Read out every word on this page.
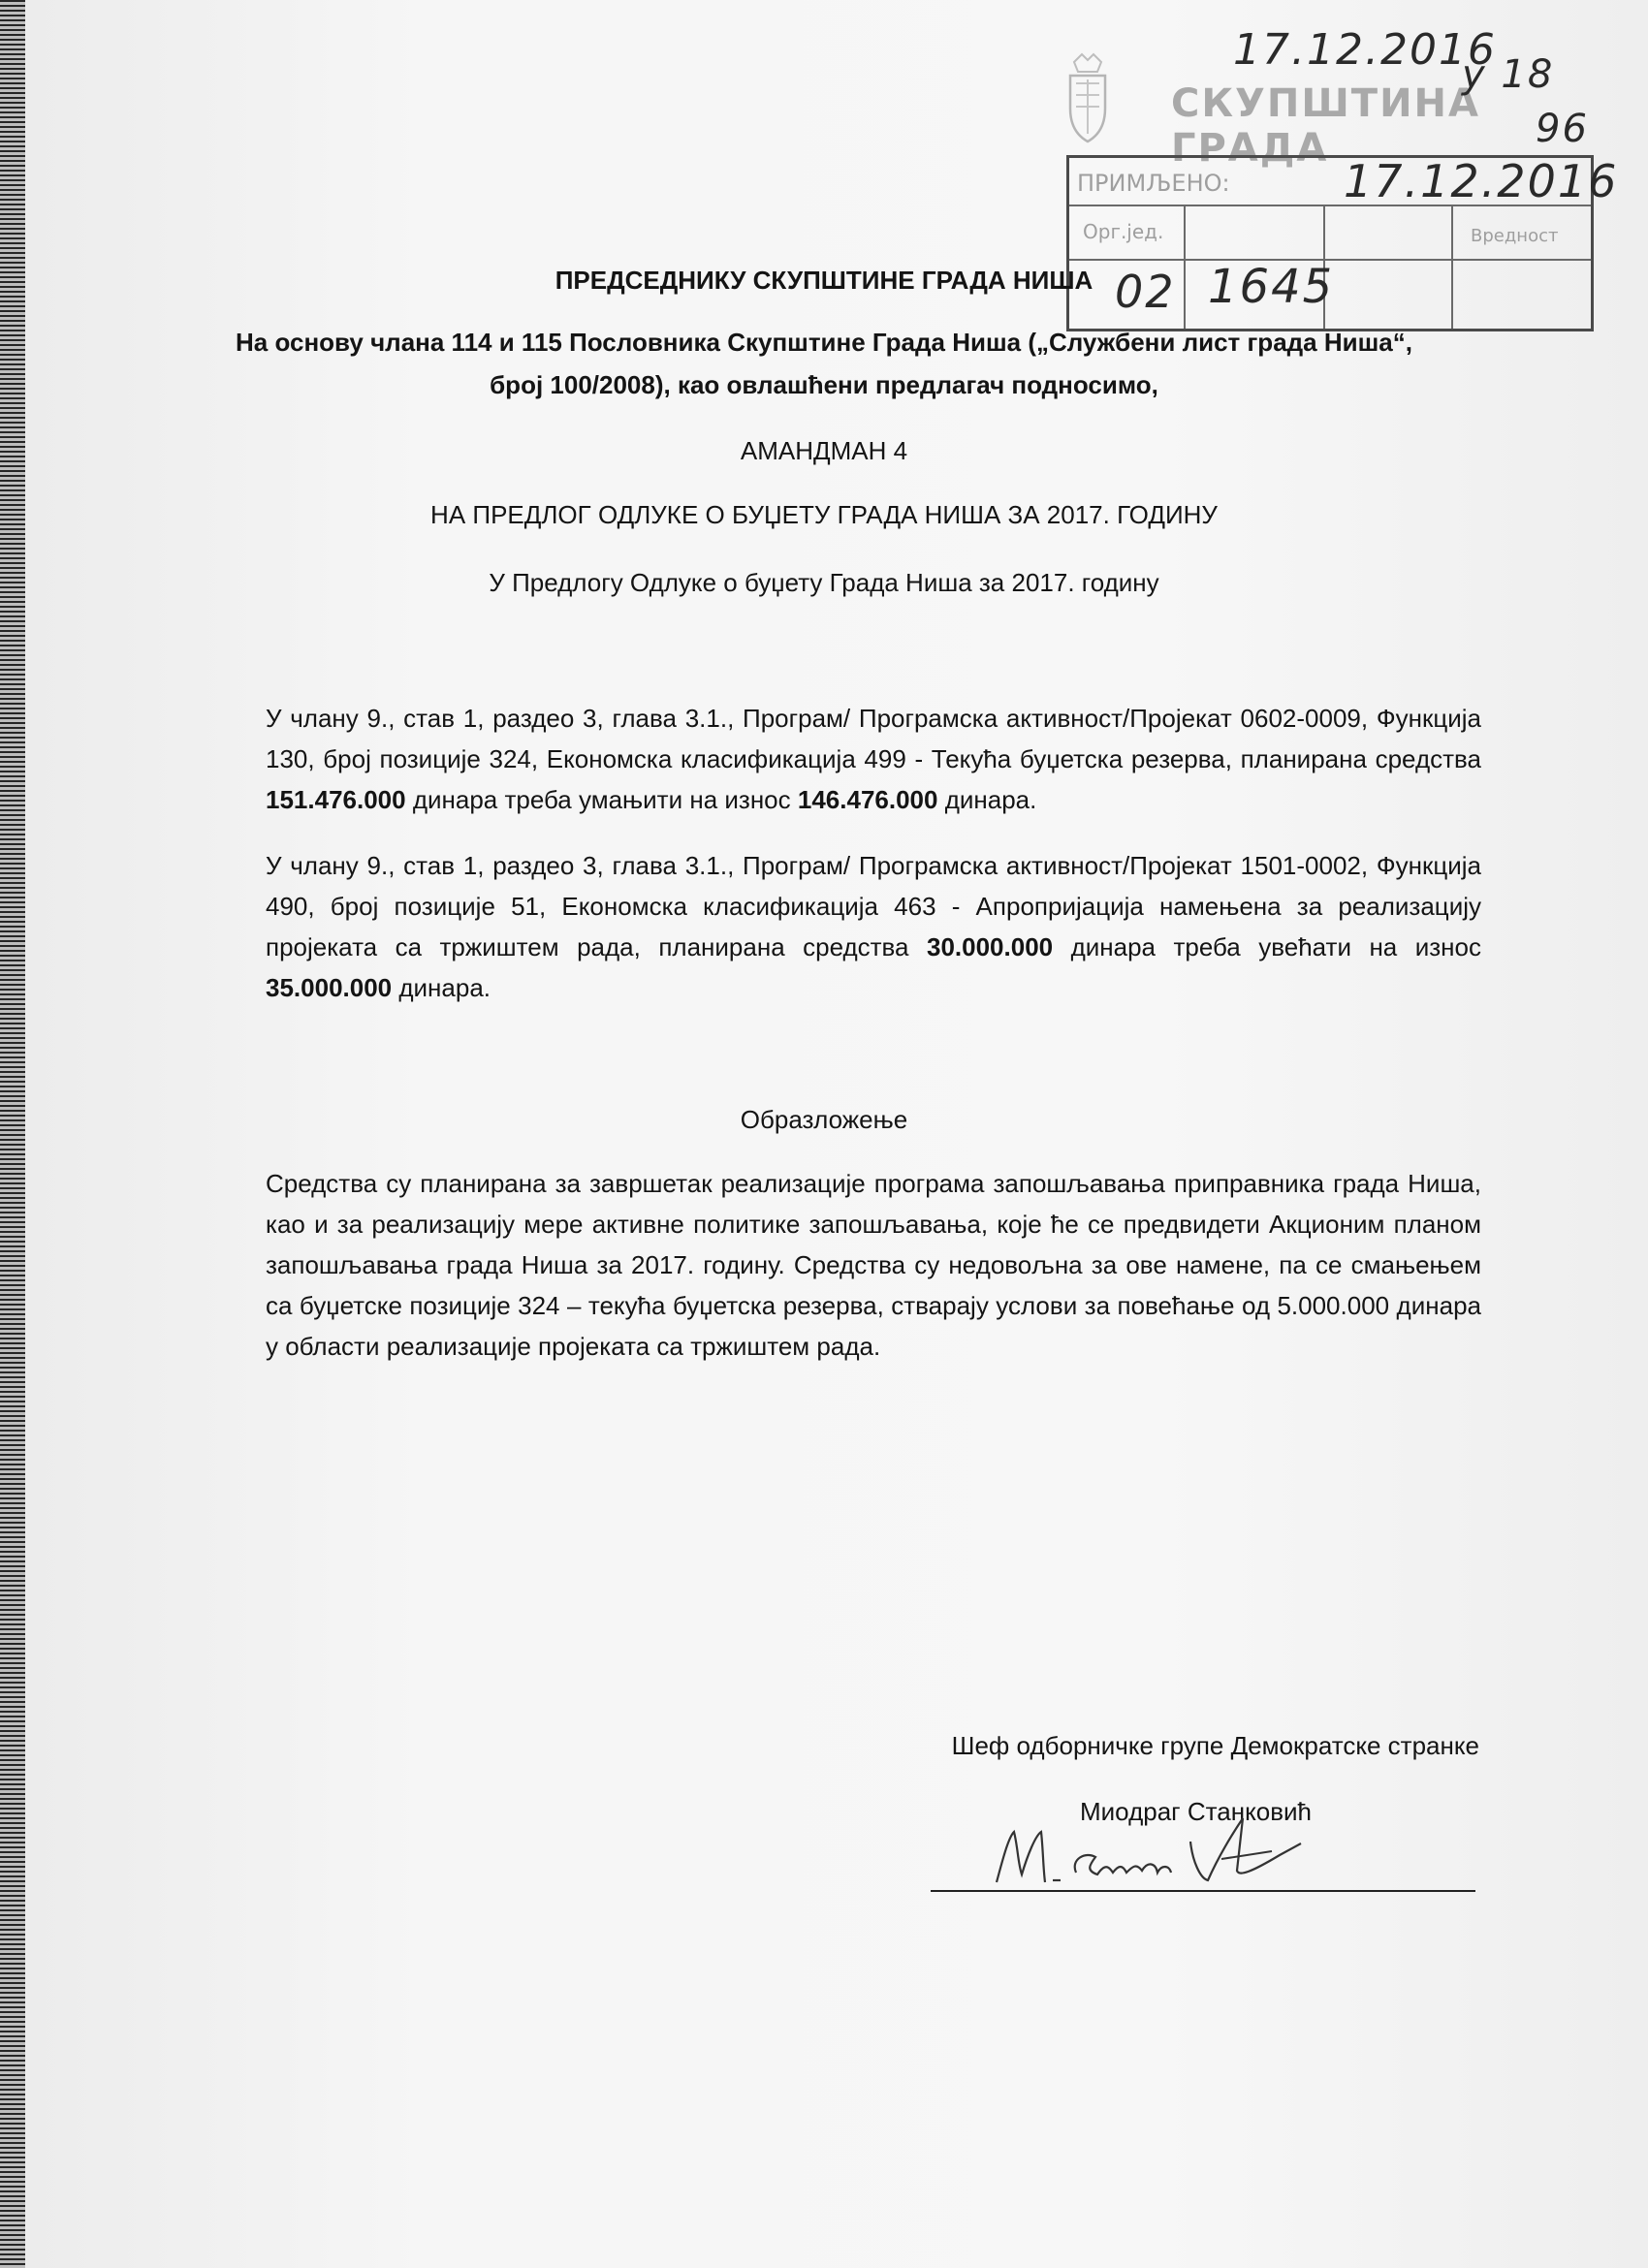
СКУПШТИНА ГРАДА
ПРИМЉЕНО:
Орг.јед.	Вредност
17.12.2016
у 18
96
17.12.2016
02 1645
ПРЕДСЕДНИКУ СКУПШТИНЕ ГРАДА НИША
На основу члана 114 и 115 Пословника Скупштине Града Ниша („Службени лист града Ниша“,
број 100/2008), као овлашћени предлагач подносимо,
АМАНДМАН 4
НА ПРЕДЛОГ ОДЛУКЕ О БУЏЕТУ ГРАДА НИША ЗА 2017. ГОДИНУ
У Предлогу Одлуке о буџету Града Ниша за 2017. годину
У члану 9., став 1, раздео 3, глава 3.1., Програм/ Програмска активност/Пројекат 0602-0009, Функција 130, број позиције 324, Економска класификација 499 - Текућа буџетска резерва, планирана средства 151.476.000 динара треба умањити на износ 146.476.000 динара.
У члану 9., став 1, раздео 3, глава 3.1., Програм/ Програмска активност/Пројекат 1501-0002, Функција 490, број позиције 51, Економска класификација 463 - Апропријација намењена за реализацију пројеката са тржиштем рада, планирана средства 30.000.000 динара треба увећати на износ 35.000.000 динара.
Образложење
Средства су планирана за завршетак реализације програма запошљавања приправника града Ниша, као и за реализацију мере активне политике запошљавања, које ће се предвидети Акционим планом запошљавања града Ниша за 2017. годину. Средства су недовољна за ове намене, па се смањењем са буџетске позиције 324 – текућа буџетска резерва, стварају услови за повећање од 5.000.000 динара у области реализације пројеката са тржиштем рада.
Шеф одборничке групе Демократске странке
Миодраг Станковић
